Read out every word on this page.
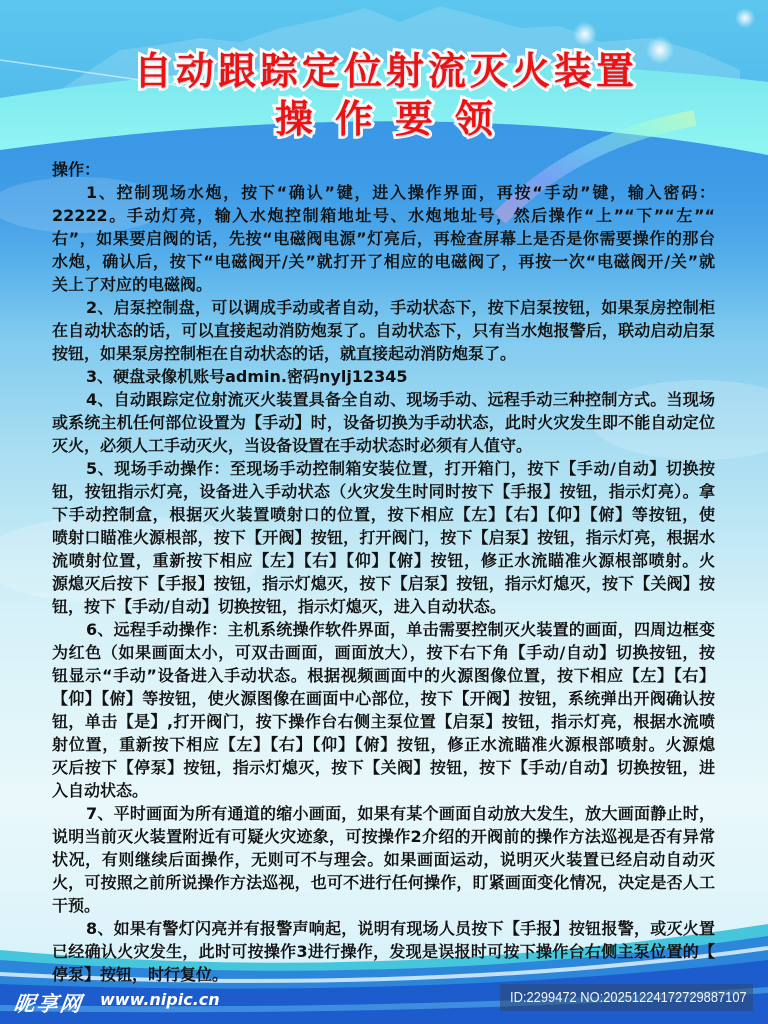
自动跟踪定位射流灭火装置
操作要领
操作：
1、控制现场水炮，按下“确认”键，进入操作界面，再按“手动”键，输入密码：
22222。手动灯亮，输入水炮控制箱地址号、水炮地址号，然后操作“上”“下”“左”“
右”，如果要启阀的话，先按“电磁阀电源”灯亮后，再检查屏幕上是否是你需要操作的那台
水炮，确认后，按下“电磁阀开/关”就打开了相应的电磁阀了，再按一次“电磁阀开/关”就
关上了对应的电磁阀。
2、启泵控制盘，可以调成手动或者自动，手动状态下，按下启泵按钮，如果泵房控制柜
在自动状态的话，可以直接起动消防炮泵了。自动状态下，只有当水炮报警后，联动启动启泵
按钮，如果泵房控制柜在自动状态的话，就直接起动消防炮泵了。
3、硬盘录像机账号admin.密码nylj12345
4、自动跟踪定位射流灭火装置具备全自动、现场手动、远程手动三种控制方式。当现场
或系统主机任何部位设置为【手动】时，设备切换为手动状态，此时火灾发生即不能自动定位
灭火，必须人工手动灭火，当设备设置在手动状态时必须有人值守。
5、现场手动操作：至现场手动控制箱安装位置，打开箱门，按下【手动/自动】切换按
钮，按钮指示灯亮，设备进入手动状态（火灾发生时同时按下【手报】按钮，指示灯亮）。拿
下手动控制盒，根据灭火装置喷射口的位置，按下相应【左】【右】【仰】【俯】等按钮，使
喷射口瞄准火源根部，按下【开阀】按钮，打开阀门，按下【启泵】按钮，指示灯亮，根据水
流喷射位置，重新按下相应【左】【右】【仰】【俯】按钮，修正水流瞄准火源根部喷射。火
源熄灭后按下【手报】按钮，指示灯熄灭，按下【启泵】按钮，指示灯熄灭，按下【关阀】按
钮，按下【手动/自动】切换按钮，指示灯熄灭，进入自动状态。
6、远程手动操作：主机系统操作软件界面，单击需要控制灭火装置的画面，四周边框变
为红色（如果画面太小，可双击画面，画面放大），按下右下角【手动/自动】切换按钮，按
钮显示“手动”设备进入手动状态。根据视频画面中的火源图像位置，按下相应【左】【右】
【仰】【俯】等按钮，使火源图像在画面中心部位，按下【开阀】按钮，系统弹出开阀确认按
钮，单击【是】,打开阀门，按下操作台右侧主泵位置【启泵】按钮，指示灯亮，根据水流喷
射位置，重新按下相应【左】【右】【仰】【俯】按钮，修正水流瞄准火源根部喷射。火源熄
灭后按下【停泵】按钮，指示灯熄灭，按下【关阀】按钮，按下【手动/自动】切换按钮，进
入自动状态。
7、平时画面为所有通道的缩小画面，如果有某个画面自动放大发生，放大画面静止时，
说明当前灭火装置附近有可疑火灾迹象，可按操作2介绍的开阀前的操作方法巡视是否有异常
状况，有则继续后面操作，无则可不与理会。如果画面运动，说明灭火装置已经启动自动灭
火，可按照之前所说操作方法巡视，也可不进行任何操作，盯紧画面变化情况，决定是否人工
干预。
8、如果有警灯闪亮并有报警声响起，说明有现场人员按下【手报】按钮报警，或灭火置
已经确认火灾发生，此时可按操作3进行操作，发现是误报时可按下操作台右侧主泵位置的【
停泵】按钮，时行复位。
昵享网 www.nipic.cn	ID:2299472 NO:20251224172729887107
